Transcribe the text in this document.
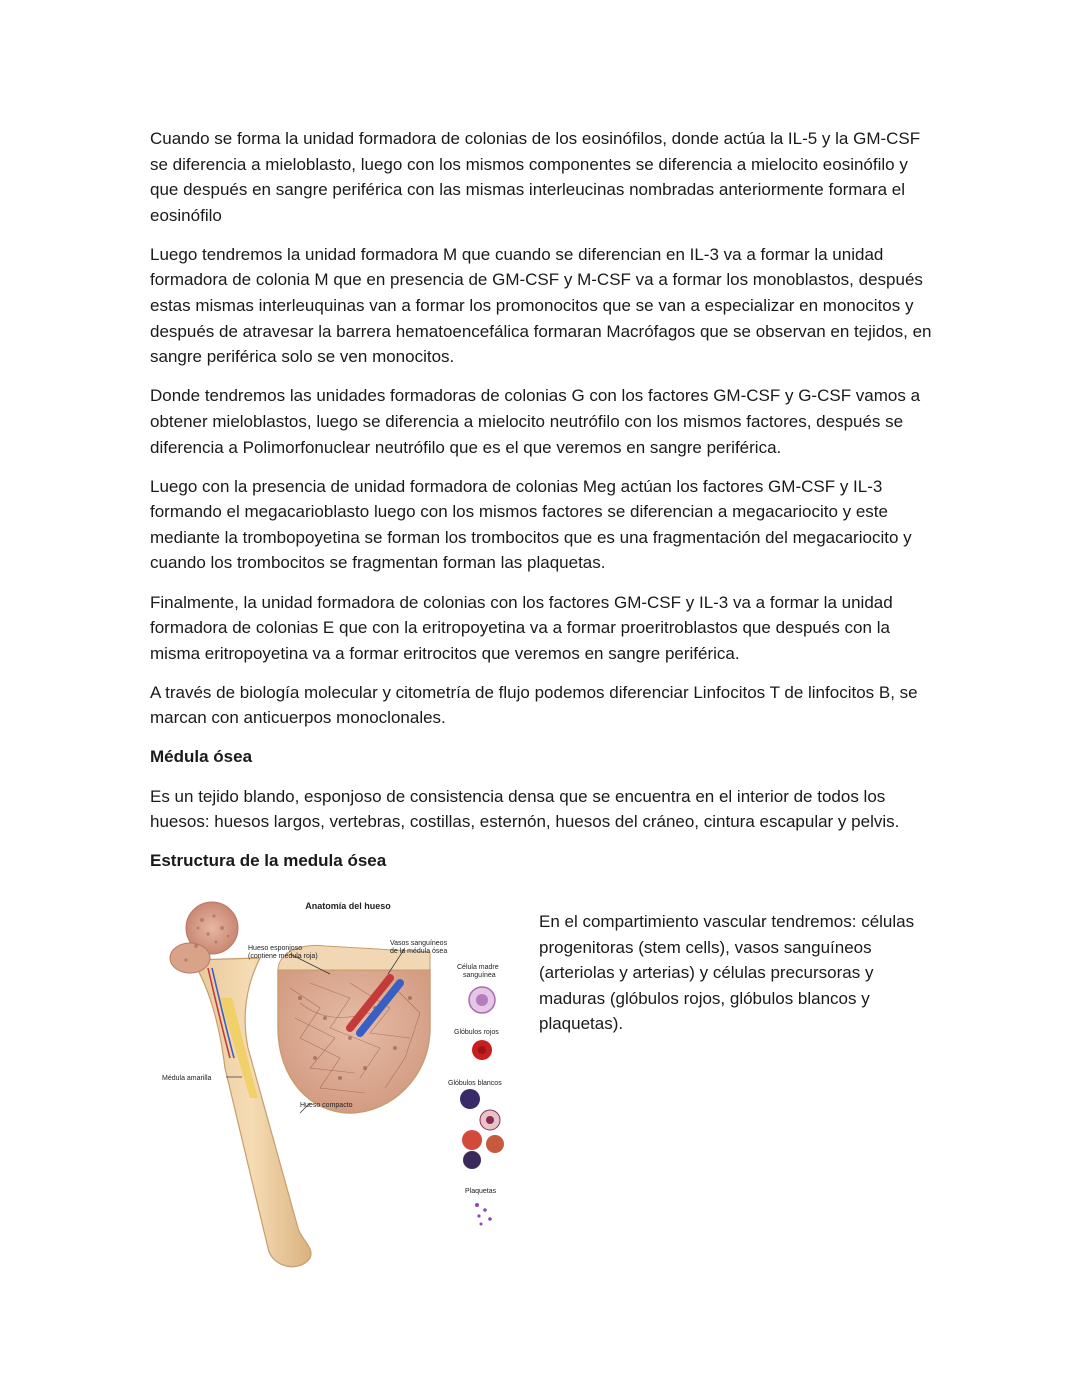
Cuando se forma la unidad formadora de colonias de los eosinófilos, donde actúa la IL-5 y la GM-CSF se diferencia a mieloblasto, luego con los mismos componentes se diferencia a mielocito eosinófilo y que después en sangre periférica con las mismas interleucinas nombradas anteriormente formara el eosinófilo

Luego tendremos la unidad formadora M que cuando se diferencian en IL-3 va a formar la unidad formadora de colonia M que en presencia de GM-CSF y M-CSF va a formar los monoblastos, después estas mismas interleuquinas van a formar los promonocitos que se van a especializar en monocitos y después de atravesar la barrera hematoencefálica formaran Macrófagos que se observan en tejidos, en sangre periférica solo se ven monocitos.

Donde tendremos las unidades formadoras de colonias G con los factores GM-CSF y G-CSF vamos a obtener mieloblastos, luego se diferencia a mielocito neutrófilo con los mismos factores, después se diferencia a Polimorfonuclear neutrófilo que es el que veremos en sangre periférica.

Luego con la presencia de unidad formadora de colonias Meg actúan los factores GM-CSF y IL-3 formando el megacarioblasto luego con los mismos factores se diferencian a megacariocito y este mediante la trombopoyetina se forman los trombocitos que es una fragmentación del megacariocito y cuando los trombocitos se fragmentan forman las plaquetas.

Finalmente, la unidad formadora de colonias con los factores GM-CSF y IL-3 va a formar la unidad formadora de colonias E que con la eritropoyetina va a formar proeritroblastos que después con la misma eritropoyetina va a formar eritrocitos que veremos en sangre periférica.

A través de biología molecular y citometría de flujo podemos diferenciar Linfocitos T de linfocitos B, se marcan con anticuerpos monoclonales.

Médula ósea

Es un tejido blando, esponjoso de consistencia densa que se encuentra en el interior de todos los huesos: huesos largos, vertebras, costillas, esternón, huesos del cráneo, cintura escapular y pelvis.

Estructura de la medula ósea

Anatomía del hueso
Hueso esponjoso
(contiene médula roja)
Vasos sanguíneos
de la médula ósea
Célula madre
sanguínea
Glóbulos rojos
Glóbulos blancos
Plaquetas
Médula amarilla
Hueso compacto

En el compartimiento vascular tendremos: células progenitoras (stem cells), vasos sanguíneos (arteriolas y arterias) y células precursoras y maduras (glóbulos rojos, glóbulos blancos y plaquetas).
